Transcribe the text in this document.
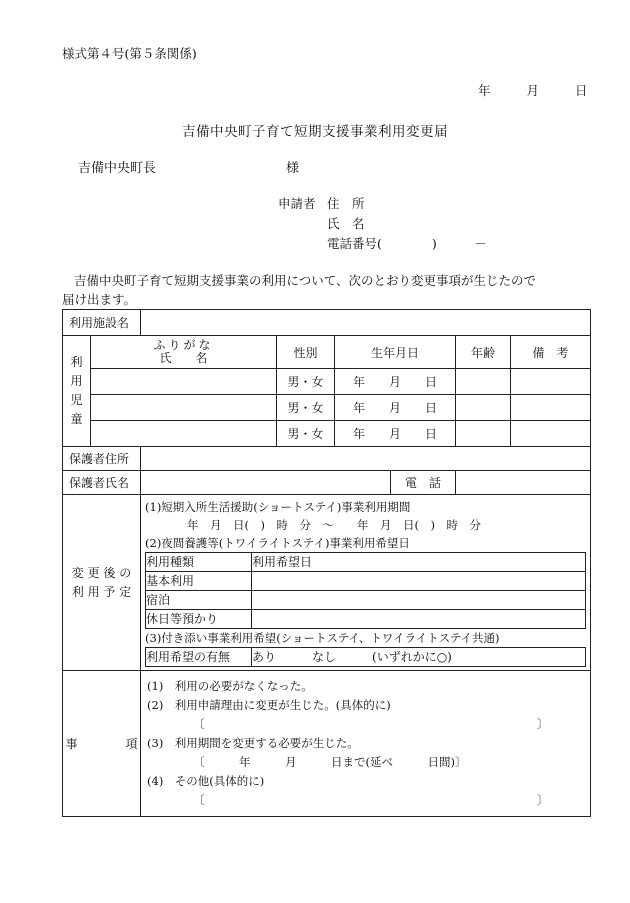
様式第４号(第５条関係)
年	月	日
吉備中央町子育て短期支援事業利用変更届
吉備中央町長	様
申請者 住　所
氏　名
電話番号(　　　　)　　　－
吉備中央町子育て短期支援事業の利用について、次のとおり変更事項が生じたので
届け出ます。
利用施設名	
利
用
児
童	
ふりがな
氏　　名	性別	生年月日	年齢	備　考
	男・女	年　　月　　日		
	男・女	年　　月　　日		
	男・女	年　　月　　日		
保護者住所	
保護者氏名		電　話	
変 更 後 の
利 用 予 定	
(1)短期入所生活援助(ショートステイ)事業利用期間
年　月　日(　)　時　分　～　　年　月　日(　)　時　分
(2)夜間養護等(トワイライトステイ)事業利用希望日
利用種類	利用希望日
基本利用	
宿泊	
休日等預かり	
(3)付き添い事業利用希望(ショートステイ、トワイライトステイ共通)
利用希望の有無	あり　　　なし　　　(いずれかに○)

事　　　　項	
(1)　利用の必要がなくなった。
(2)　利用申請理由に変更が生じた。(具体的に)
〔	〕
(3)　利用期間を変更する必要が生じた。
〔　　　年　　　月　　　日まで(延べ　　　日間)〕
(4)　その他(具体的に)
〔	〕
